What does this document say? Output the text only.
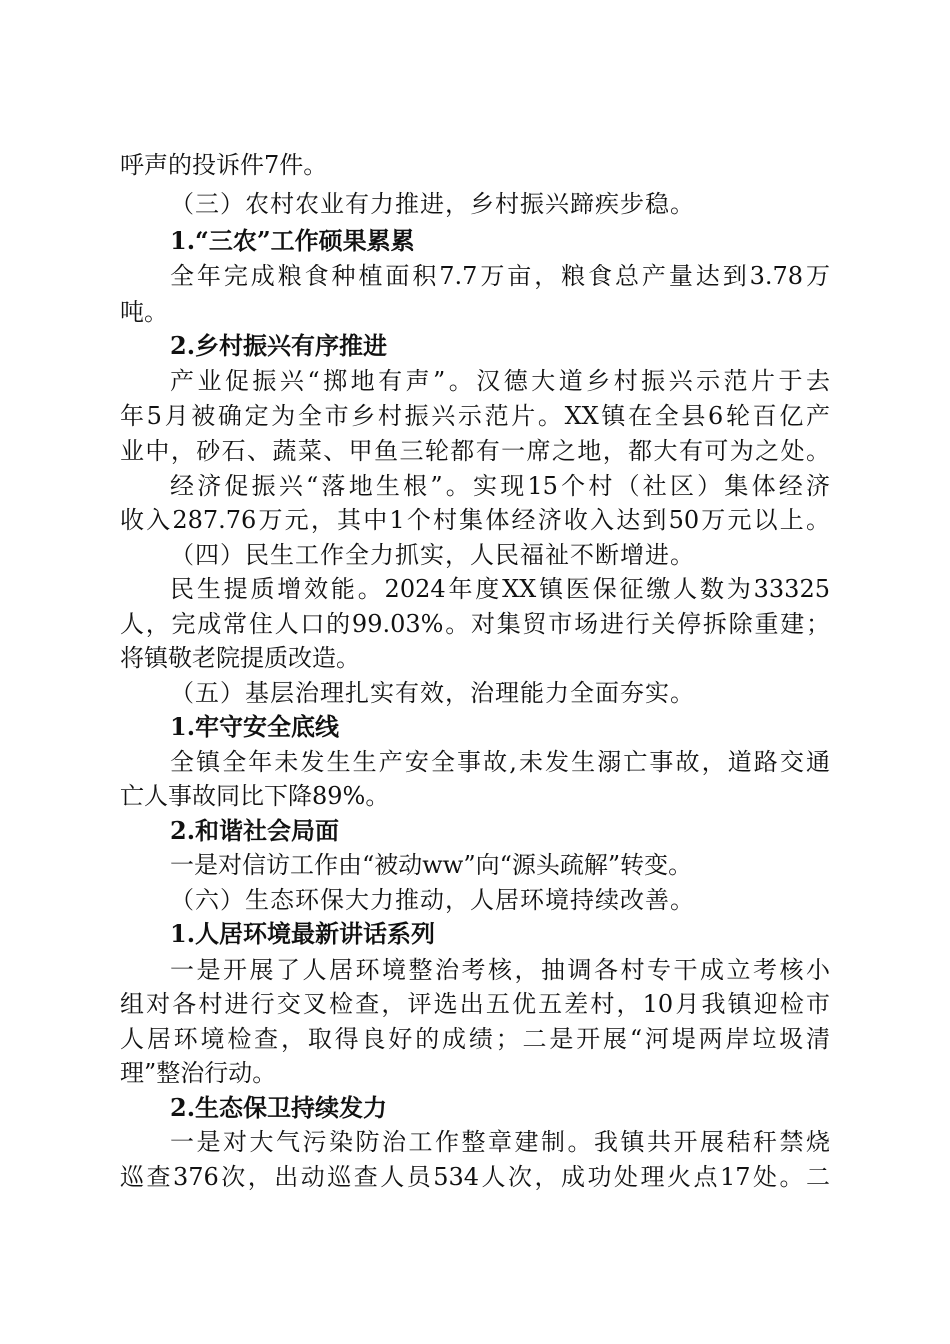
呼声的投诉件7件。
（三）农村农业有力推进，乡村振兴蹄疾步稳。
1.“三农”工作硕果累累
全年完成粮食种植面积7.7万亩，粮食总产量达到3.78万
吨。
2.乡村振兴有序推进
产业促振兴“掷地有声”。汉德大道乡村振兴示范片于去
年5月被确定为全市乡村振兴示范片。XX镇在全县6轮百亿产
业中，砂石、蔬菜、甲鱼三轮都有一席之地，都大有可为之处。
经济促振兴“落地生根”。实现15个村（社区）集体经济
收入287.76万元，其中1个村集体经济收入达到50万元以上。
（四）民生工作全力抓实，人民福祉不断增进。
民生提质增效能。2024年度XX镇医保征缴人数为33325
人，完成常住人口的99.03%。对集贸市场进行关停拆除重建；
将镇敬老院提质改造。
（五）基层治理扎实有效，治理能力全面夯实。
1.牢守安全底线
全镇全年未发生生产安全事故,未发生溺亡事故，道路交通
亡人事故同比下降89%。
2.和谐社会局面
一是对信访工作由“被动ww”向“源头疏解”转变。
（六）生态环保大力推动，人居环境持续改善。
1.人居环境最新讲话系列
一是开展了人居环境整治考核，抽调各村专干成立考核小
组对各村进行交叉检查，评选出五优五差村，10月我镇迎检市
人居环境检查，取得良好的成绩；二是开展“河堤两岸垃圾清
理”整治行动。
2.生态保卫持续发力
一是对大气污染防治工作整章建制。我镇共开展秸秆禁烧
巡查376次，出动巡查人员534人次，成功处理火点17处。二
